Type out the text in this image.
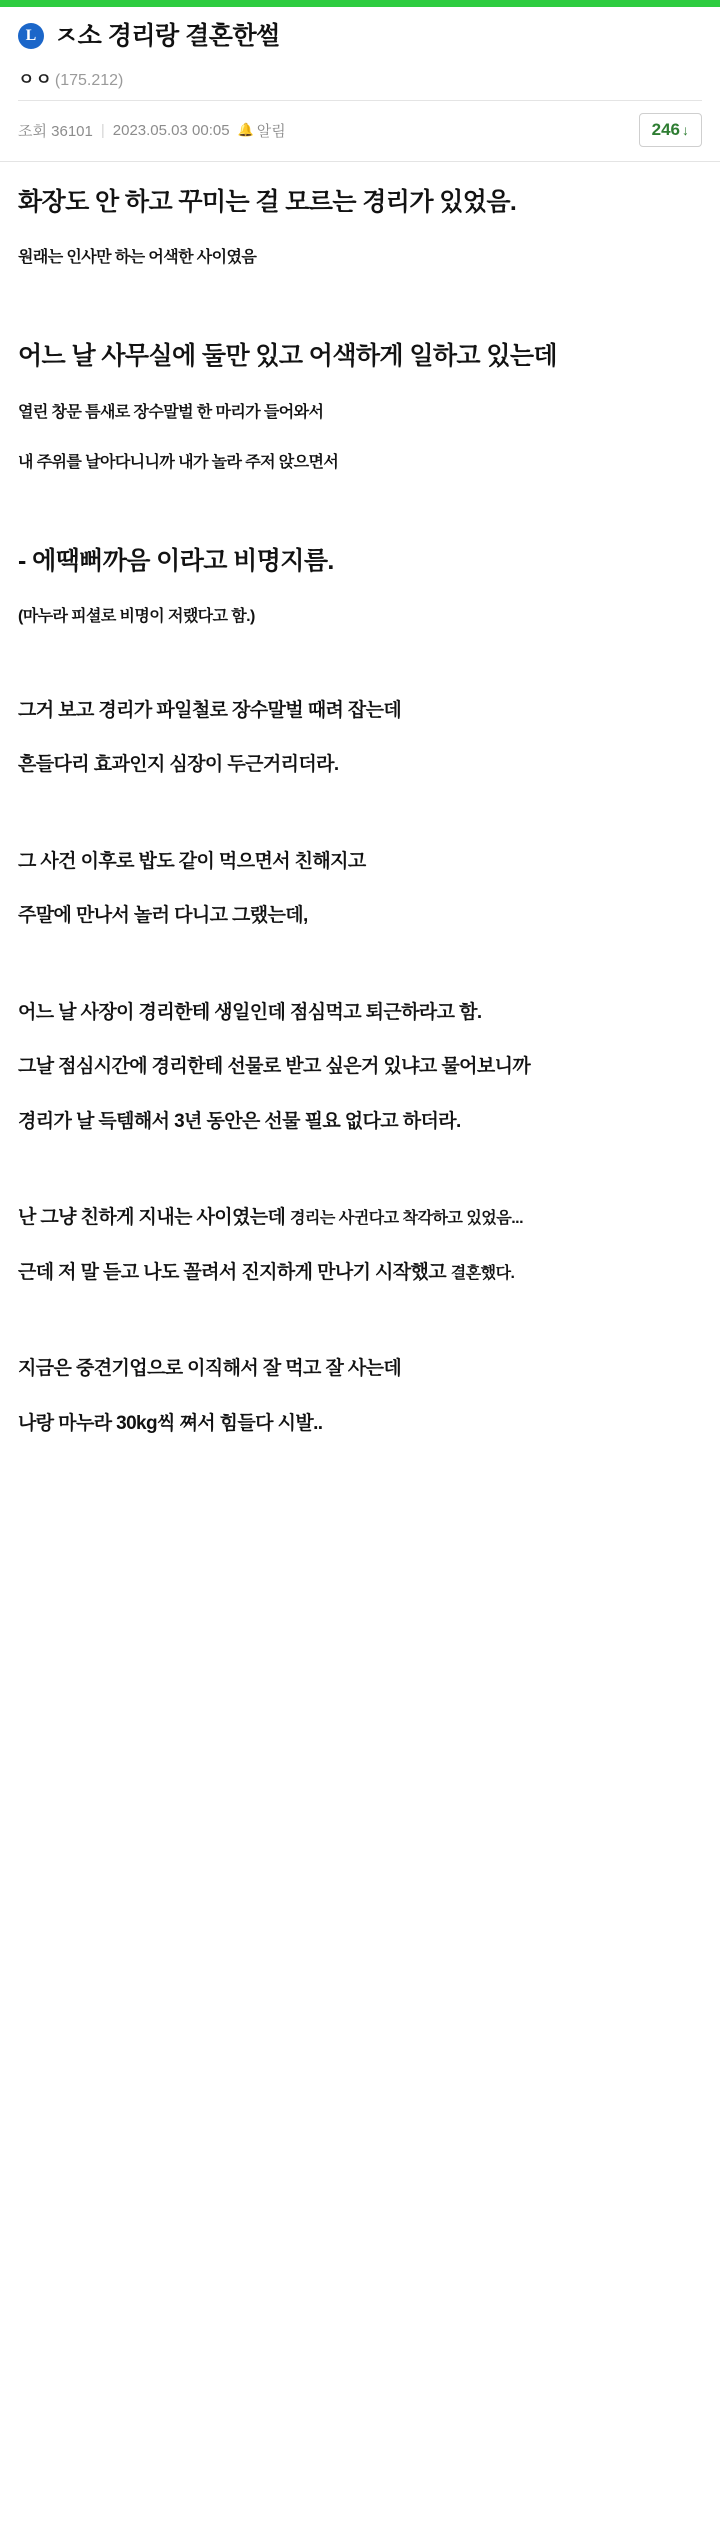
L ㅈ소 경리랑 결혼한썰
ㅇㅇ (175.212)
조회 36101 | 2023.05.03 00:05 🔔 알림	246 ↓

화장도 안 하고 꾸미는 걸 모르는 경리가 있었음.

원래는 인사만 하는 어색한 사이였음

어느 날 사무실에 둘만 있고 어색하게 일하고 있는데

열린 창문 틈새로 장수말벌 한 마리가 들어와서

내 주위를 날아다니니까 내가 놀라 주저 앉으면서

- 에땍뻐까음 이라고 비명지름.

(마누라 피셜로 비명이 저랬다고 함.)

그거 보고 경리가 파일철로 장수말벌 때려 잡는데

흔들다리 효과인지 심장이 두근거리더라.

그 사건 이후로 밥도 같이 먹으면서 친해지고

주말에 만나서 놀러 다니고 그랬는데,

어느 날 사장이 경리한테 생일인데 점심먹고 퇴근하라고 함.

그날 점심시간에 경리한테 선물로 받고 싶은거 있냐고 물어보니까

경리가 날 득템해서 3년 동안은 선물 필요 없다고 하더라.

난 그냥 친하게 지내는 사이였는데 경리는 사귄다고 착각하고 있었음...

근데 저 말 듣고 나도 꼴려서 진지하게 만나기 시작했고 결혼했다.

지금은 중견기업으로 이직해서 잘 먹고 잘 사는데

나랑 마누라 30kg씩 쪄서 힘들다 시발..
